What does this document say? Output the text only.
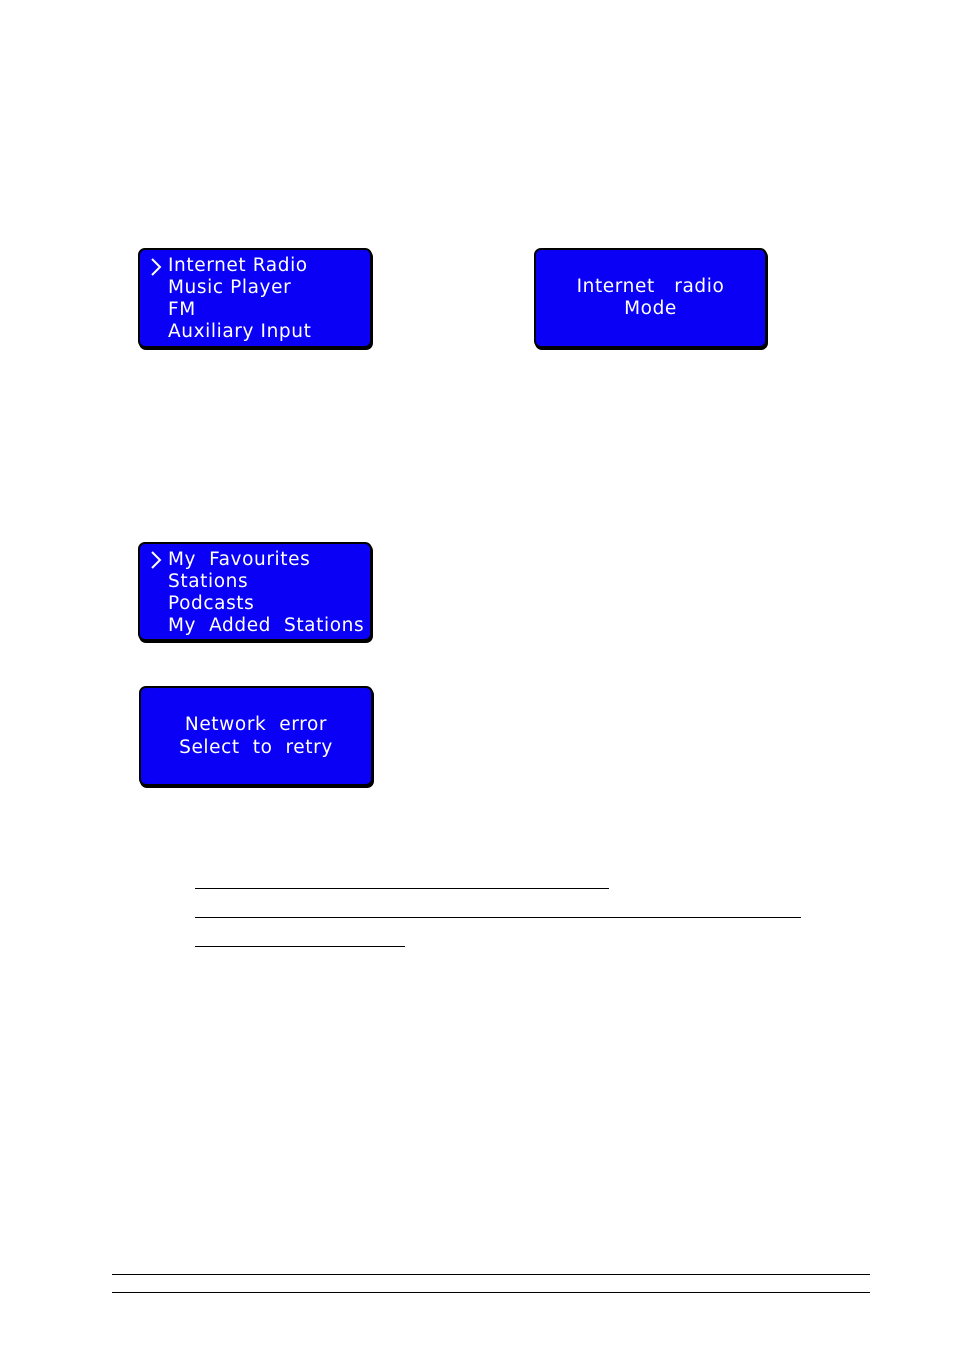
Internet Radio
Music Player
FM
Auxiliary Input
Internet   radio
Mode
My  Favourites
Stations
Podcasts
My  Added  Stations
Network  error
Select  to  retry
